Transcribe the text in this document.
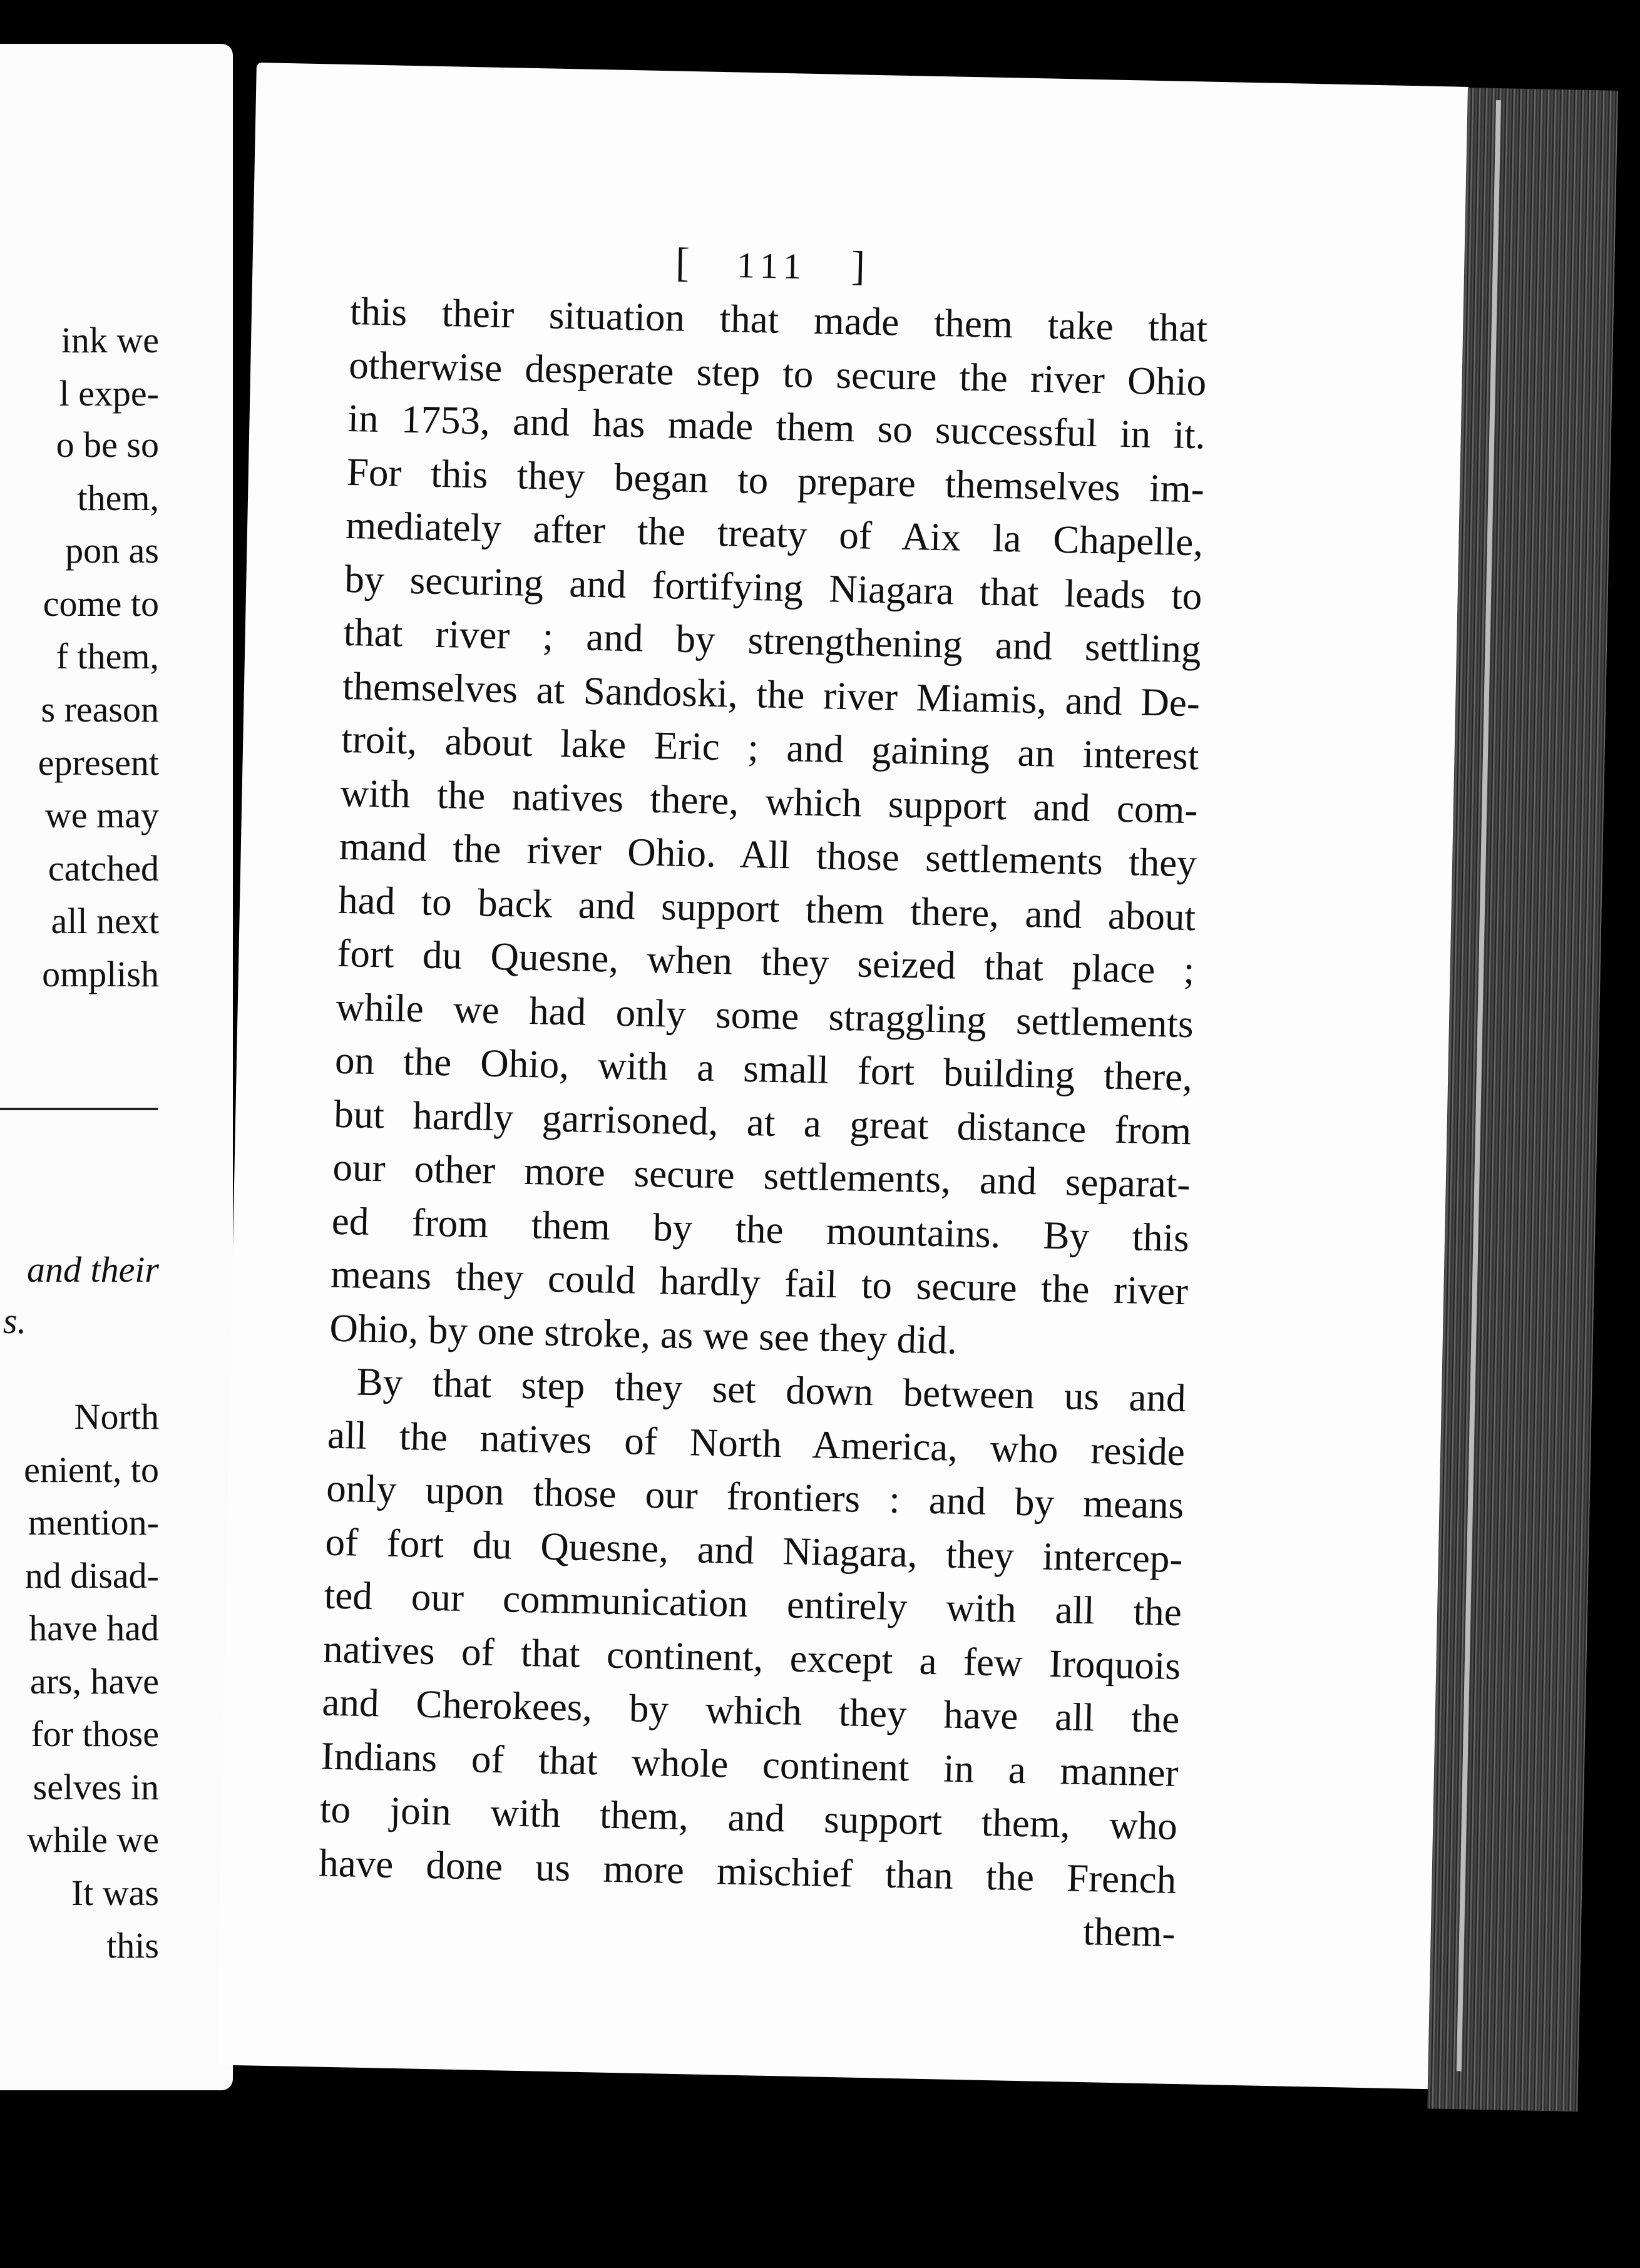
ink we
l expe-
o be so
them,
pon as
come to
f them,
s reason
epresent
we may
catched
all next
omplish
and their
s.
North
enient, to
mention-
nd disad-
have had
ars, have
for those
selves in
while we
It was
this
[ 111 ]
this their situation that made them take that
otherwise desperate step to secure the river Ohio
in 1753, and has made them so successful in it.
For this they began to prepare themselves im-
mediately after the treaty of Aix la Chapelle,
by securing and fortifying Niagara that leads to
that river ; and by strengthening and settling
themselves at Sandoski, the river Miamis, and De-
troit, about lake Eric ; and gaining an interest
with the natives there, which support and com-
mand the river Ohio. All those settlements they
had to back and support them there, and about
fort du Quesne, when they seized that place ;
while we had only some straggling settlements
on the Ohio, with a small fort building there,
but hardly garrisoned, at a great distance from
our other more secure settlements, and separat-
ed from them by the mountains. By this
means they could hardly fail to secure the river
Ohio, by one stroke, as we see they did.
By that step they set down between us and
all the natives of North America, who reside
only upon those our frontiers : and by means
of fort du Quesne, and Niagara, they intercep-
ted our communication entirely with all the
natives of that continent, except a few Iroquois
and Cherokees, by which they have all the
Indians of that whole continent in a manner
to join with them, and support them, who
have done us more mischief than the French
them-
